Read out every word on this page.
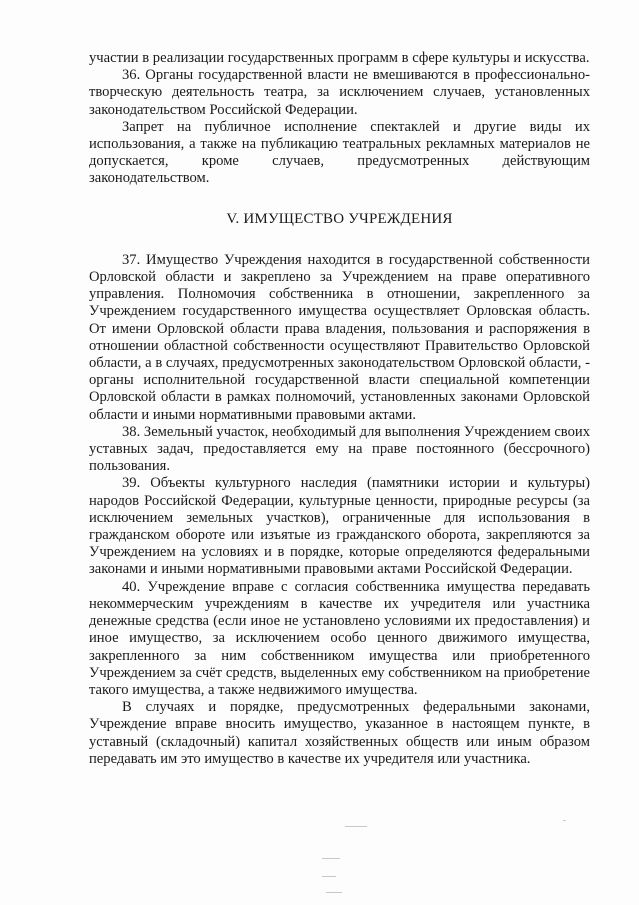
участии в реализации государственных программ в сфере культуры и искусства.

36. Органы государственной власти не вмешиваются в профессионально-творческую деятельность театра, за исключением случаев, установленных законодательством Российской Федерации.

Запрет на публичное исполнение спектаклей и другие виды их использования, а также на публикацию театральных рекламных материалов не допускается, кроме случаев, предусмотренных действующим законодательством.

V. ИМУЩЕСТВО УЧРЕЖДЕНИЯ

37. Имущество Учреждения находится в государственной собственности Орловской области и закреплено за Учреждением на праве оперативного управления. Полномочия собственника в отношении, закрепленного за Учреждением государственного имущества осуществляет Орловская область. От имени Орловской области права владения, пользования и распоряжения в отношении областной собственности осуществляют Правительство Орловской области, а в случаях, предусмотренных законодательством Орловской области, - органы исполнительной государственной власти специальной компетенции Орловской области в рамках полномочий, установленных законами Орловской области и иными нормативными правовыми актами.

38. Земельный участок, необходимый для выполнения Учреждением своих уставных задач, предоставляется ему на праве постоянного (бессрочного) пользования.

39. Объекты культурного наследия (памятники истории и культуры) народов Российской Федерации, культурные ценности, природные ресурсы (за исключением земельных участков), ограниченные для использования в гражданском обороте или изъятые из гражданского оборота, закрепляются за Учреждением на условиях и в порядке, которые определяются федеральными законами и иными нормативными правовыми актами Российской Федерации.

40. Учреждение вправе с согласия собственника имущества передавать некоммерческим учреждениям в качестве их учредителя или участника денежные средства (если иное не установлено условиями их предоставления) и иное имущество, за исключением особо ценного движимого имущества, закрепленного за ним собственником имущества или приобретенного Учреждением за счёт средств, выделенных ему собственником на приобретение такого имущества, а также недвижимого имущества.

В случаях и порядке, предусмотренных федеральными законами, Учреждение вправе вносить имущество, указанное в настоящем пункте, в уставный (складочный) капитал хозяйственных обществ или иным образом передавать им это имущество в качестве их учредителя или участника.
